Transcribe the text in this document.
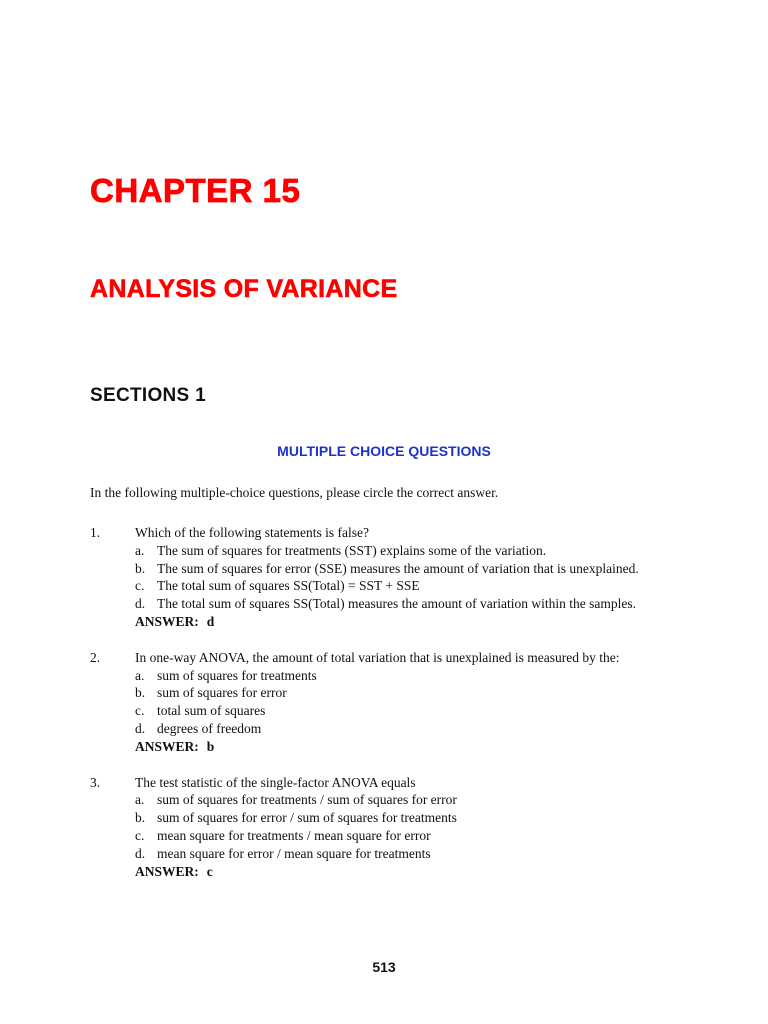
CHAPTER 15
ANALYSIS OF VARIANCE
SECTIONS 1
MULTIPLE CHOICE QUESTIONS

In the following multiple-choice questions, please circle the correct answer.

1.	Which of the following statements is false?
a. The sum of squares for treatments (SST) explains some of the variation.
b. The sum of squares for error (SSE) measures the amount of variation that is unexplained.
c. The total sum of squares SS(Total) = SST + SSE
d. The total sum of squares SS(Total) measures the amount of variation within the samples.
ANSWER: d
2.	In one-way ANOVA, the amount of total variation that is unexplained is measured by the:
a. sum of squares for treatments
b. sum of squares for error
c. total sum of squares
d. degrees of freedom
ANSWER: b
3.	The test statistic of the single-factor ANOVA equals
a. sum of squares for treatments / sum of squares for error
b. sum of squares for error / sum of squares for treatments
c. mean square for treatments / mean square for error
d. mean square for error / mean square for treatments
ANSWER: c

513
